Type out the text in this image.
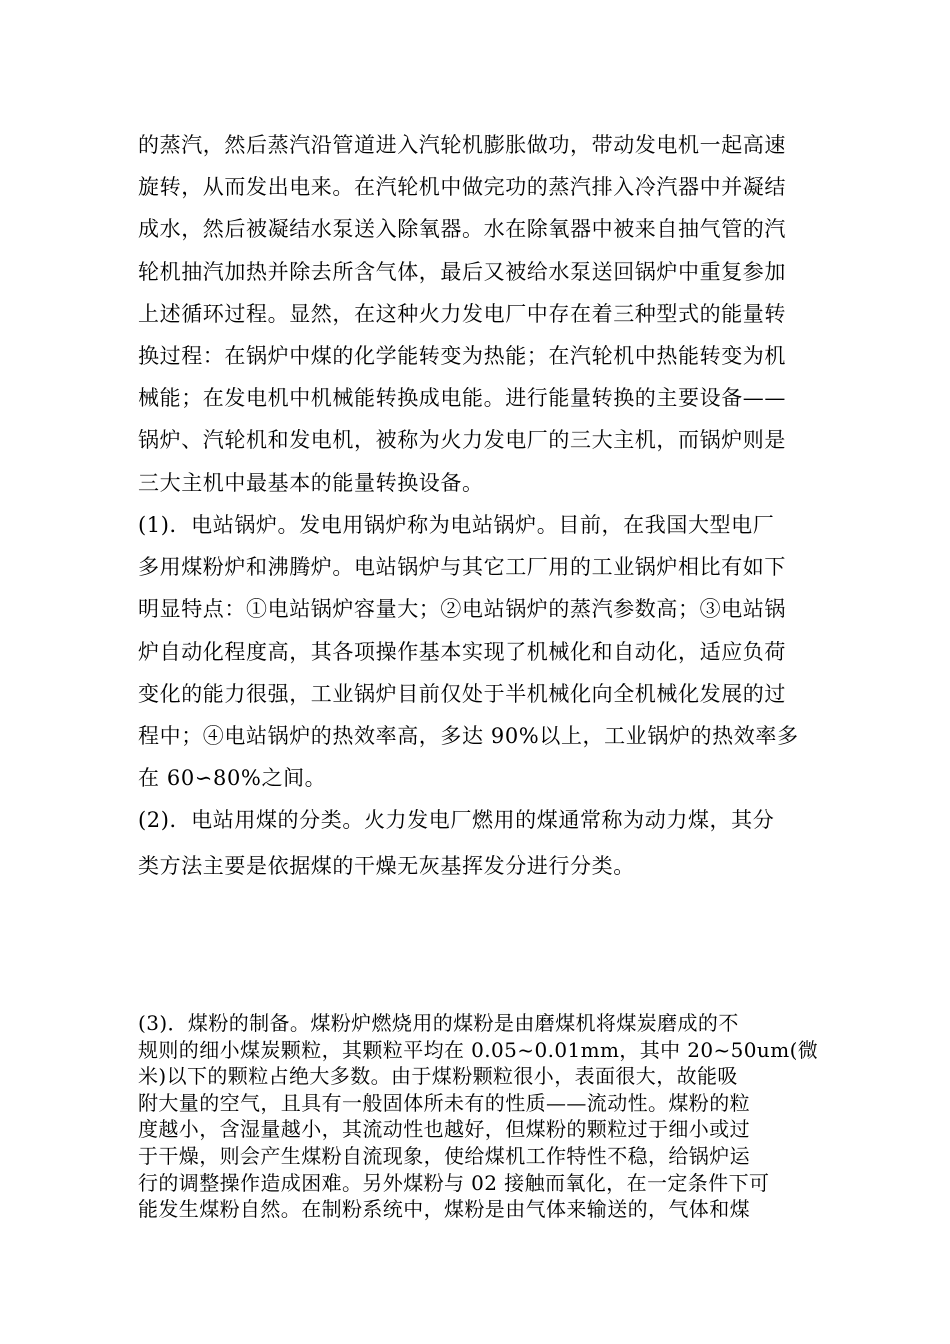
的蒸汽，然后蒸汽沿管道进入汽轮机膨胀做功，带动发电机一起高速
旋转，从而发出电来。在汽轮机中做完功的蒸汽排入冷汽器中并凝结
成水，然后被凝结水泵送入除氧器。水在除氧器中被来自抽气管的汽
轮机抽汽加热并除去所含气体，最后又被给水泵送回锅炉中重复参加
上述循环过程。显然，在这种火力发电厂中存在着三种型式的能量转
换过程：在锅炉中煤的化学能转变为热能；在汽轮机中热能转变为机
械能；在发电机中机械能转换成电能。进行能量转换的主要设备——
锅炉、汽轮机和发电机，被称为火力发电厂的三大主机，而锅炉则是
三大主机中最基本的能量转换设备。
(1)．电站锅炉。发电用锅炉称为电站锅炉。目前，在我国大型电厂
多用煤粉炉和沸腾炉。电站锅炉与其它工厂用的工业锅炉相比有如下
明显特点：①电站锅炉容量大；②电站锅炉的蒸汽参数高；③电站锅
炉自动化程度高，其各项操作基本实现了机械化和自动化，适应负荷
变化的能力很强，工业锅炉目前仅处于半机械化向全机械化发展的过
程中；④电站锅炉的热效率高，多达 90%以上，工业锅炉的热效率多
在 60∽80%之间。
(2)．电站用煤的分类。火力发电厂燃用的煤通常称为动力煤，其分
类方法主要是依据煤的干燥无灰基挥发分进行分类。
(3)．煤粉的制备。煤粉炉燃烧用的煤粉是由磨煤机将煤炭磨成的不
规则的细小煤炭颗粒，其颗粒平均在 0.05~0.01mm，其中 20~50um(微
米)以下的颗粒占绝大多数。由于煤粉颗粒很小，表面很大，故能吸
附大量的空气，且具有一般固体所未有的性质——流动性。煤粉的粒
度越小，含湿量越小，其流动性也越好，但煤粉的颗粒过于细小或过
于干燥，则会产生煤粉自流现象，使给煤机工作特性不稳，给锅炉运
行的调整操作造成困难。另外煤粉与 02 接触而氧化，在一定条件下可
能发生煤粉自然。在制粉系统中，煤粉是由气体来输送的，气体和煤
